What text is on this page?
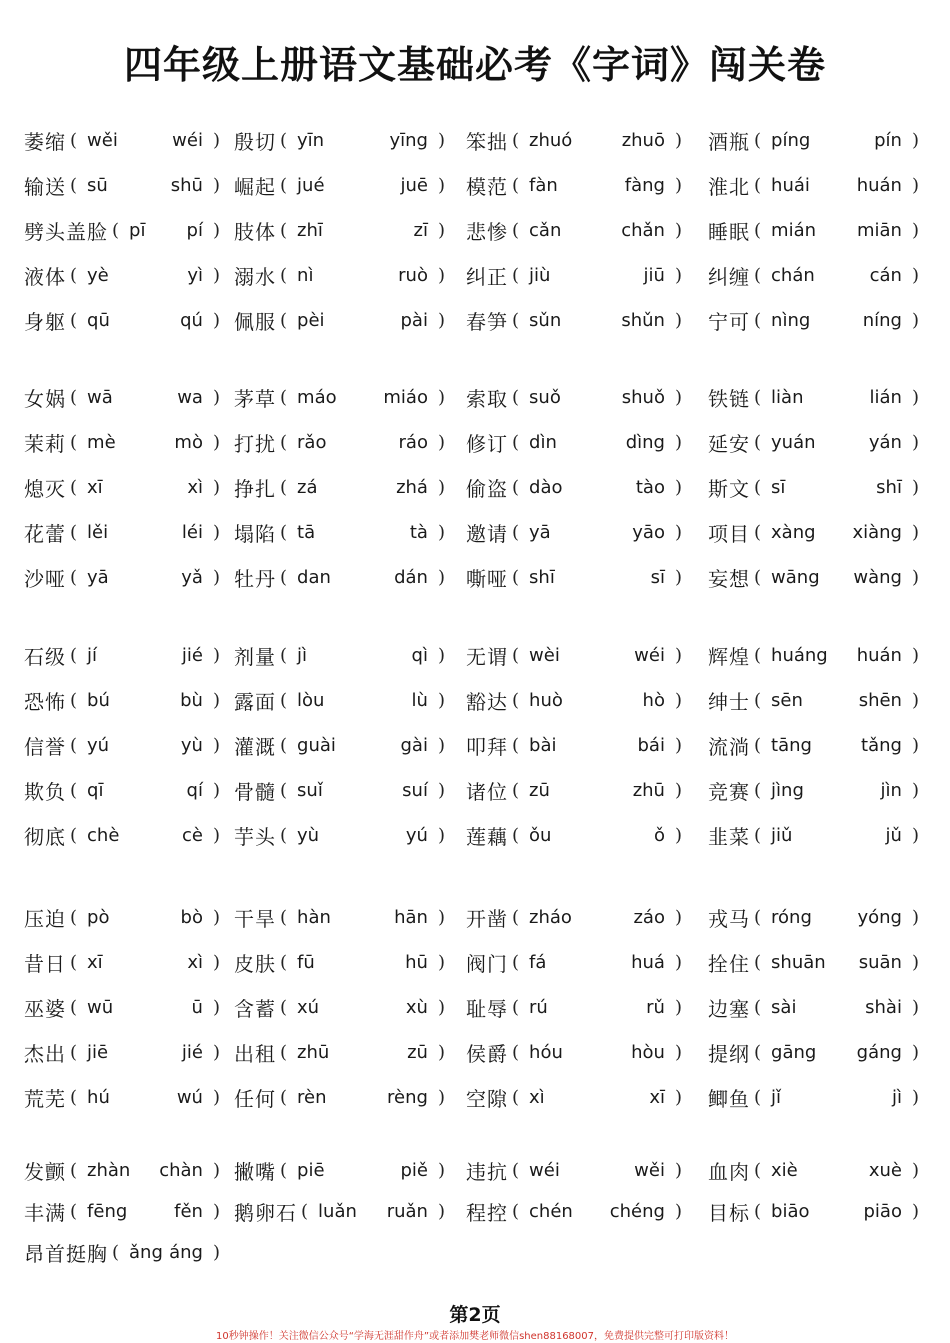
四年级上册语文基础必考《字词》闯关卷
萎缩 ( wěi	wéi ) 殷切 ( yīn	yīng ) 笨拙 ( zhuó	zhuō ) 酒瓶 ( píng	pín )
输送 ( sū	shū ) 崛起 ( jué	juē ) 模范 ( fàn	fàng ) 淮北 ( huái	huán )
劈头盖脸 ( pī	pí ) 肢体 ( zhī	zī ) 悲惨 ( cǎn	chǎn ) 睡眠 ( mián	miān )
液体 ( yè	yì ) 溺水 ( nì	ruò ) 纠正 ( jiù	jiū ) 纠缠 ( chán	cán )
身躯 ( qū	qú ) 佩服 ( pèi	pài ) 春笋 ( sǔn	shǔn ) 宁可 ( nìng	níng )
女娲 ( wā	wa ) 茅草 ( máo	miáo ) 索取 ( suǒ	shuǒ ) 铁链 ( liàn	lián )
茉莉 ( mè	mò ) 打扰 ( rǎo	ráo ) 修订 ( dìn	dìng ) 延安 ( yuán	yán )
熄灭 ( xī	xì ) 挣扎 ( zá	zhá ) 偷盗 ( dào	tào ) 斯文 ( sī	shī )
花蕾 ( lěi	léi ) 塌陷 ( tā	tà ) 邀请 ( yā	yāo ) 项目 ( xàng	xiàng )
沙哑 ( yā	yǎ ) 牡丹 ( dan	dán ) 嘶哑 ( shī	sī ) 妄想 ( wāng	wàng )
石级 ( jí	jié ) 剂量 ( jì	qì ) 无谓 ( wèi	wéi ) 辉煌 ( huáng	huán )
恐怖 ( bú	bù ) 露面 ( lòu	lù ) 豁达 ( huò	hò ) 绅士 ( sēn	shēn )
信誉 ( yú	yù ) 灌溉 ( guài	gài ) 叩拜 ( bài	bái ) 流淌 ( tāng	tǎng )
欺负 ( qī	qí ) 骨髓 ( suǐ	suí ) 诸位 ( zū	zhū ) 竞赛 ( jìng	jìn )
彻底 ( chè	cè ) 芋头 ( yù	yú ) 莲藕 ( ǒu	ǒ ) 韭菜 ( jiǔ	jǔ )
压迫 ( pò	bò ) 干旱 ( hàn	hān ) 开凿 ( zháo	záo ) 戎马 ( róng	yóng )
昔日 ( xī	xì ) 皮肤 ( fū	hū ) 阀门 ( fá	huá ) 拴住 ( shuān	suān )
巫婆 ( wū	ū ) 含蓄 ( xú	xù ) 耻辱 ( rú	rǔ ) 边塞 ( sài	shài )
杰出 ( jiē	jié ) 出租 ( zhū	zū ) 侯爵 ( hóu	hòu ) 提纲 ( gāng	gáng )
荒芜 ( hú	wú ) 任何 ( rèn	rèng ) 空隙 ( xì	xī ) 鲫鱼 ( jǐ	jì )
发颤 ( zhàn	chàn ) 撇嘴 ( piē	piě ) 违抗 ( wéi	wěi ) 血肉 ( xiè	xuè )
丰满 ( fēng	fěn ) 鹅卵石 ( luǎn	ruǎn ) 程控 ( chén	chéng ) 目标 ( biāo	piāo )
昂首挺胸 ( ǎng áng )
第2页
10秒钟操作！关注微信公众号“学海无涯甜作舟”或者添加樊老师微信shen88168007，免费提供完整可打印版资料！
